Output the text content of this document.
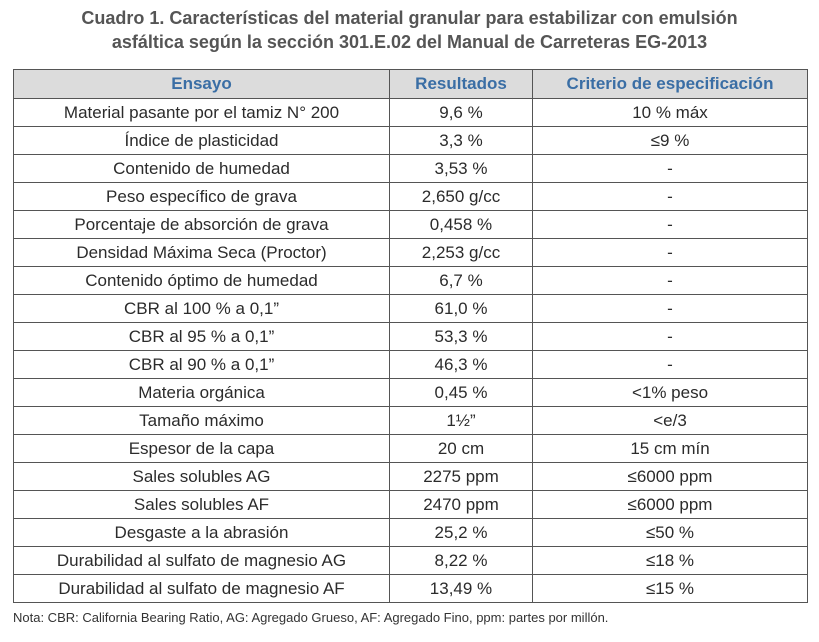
Cuadro 1. Características del material granular para estabilizar con emulsión
asfáltica según la sección 301.E.02 del Manual de Carreteras EG-2013
Ensayo	Resultados	Criterio de especificación
Material pasante por el tamiz N° 200	9,6 %	10 % máx
Índice de plasticidad	3,3 %	≤9 %
Contenido de humedad	3,53 %	-
Peso específico de grava	2,650 g/cc	-
Porcentaje de absorción de grava	0,458 %	-
Densidad Máxima Seca (Proctor)	2,253 g/cc	-
Contenido óptimo de humedad	6,7 %	-
CBR al 100 % a 0,1”	61,0 %	-
CBR al 95 % a 0,1”	53,3 %	-
CBR al 90 % a 0,1”	46,3 %	-
Materia orgánica	0,45 %	<1% peso
Tamaño máximo	1½”	<e/3
Espesor de la capa	20 cm	15 cm mín
Sales solubles AG	2275 ppm	≤6000 ppm
Sales solubles AF	2470 ppm	≤6000 ppm
Desgaste a la abrasión	25,2 %	≤50 %
Durabilidad al sulfato de magnesio AG	8,22 %	≤18 %
Durabilidad al sulfato de magnesio AF	13,49 %	≤15 %
Nota: CBR: California Bearing Ratio, AG: Agregado Grueso, AF: Agregado Fino, ppm: partes por millón.
